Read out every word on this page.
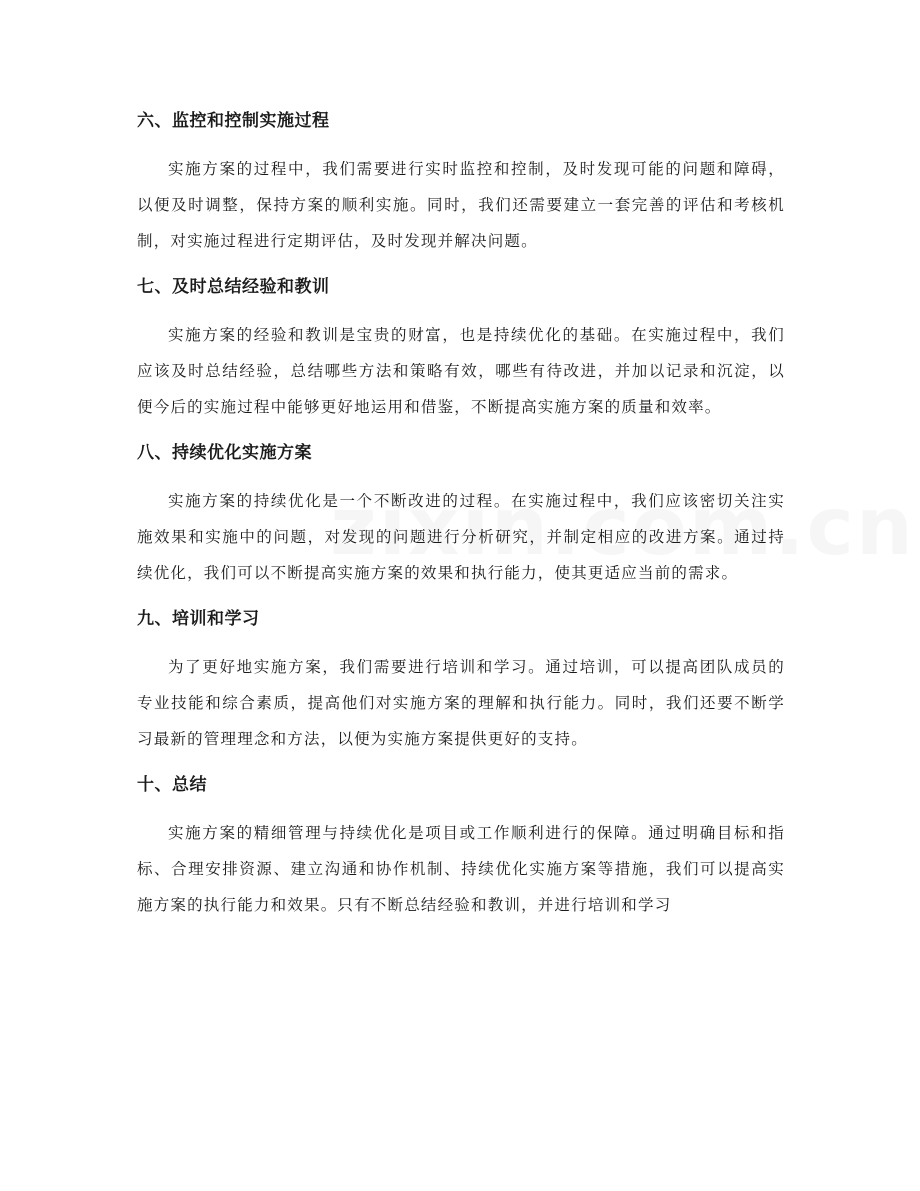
六、监控和控制实施过程

实施方案的过程中，我们需要进行实时监控和控制，及时发现可能的问题和障碍，以便及时调整，保持方案的顺利实施。同时，我们还需要建立一套完善的评估和考核机制，对实施过程进行定期评估，及时发现并解决问题。

七、及时总结经验和教训

实施方案的经验和教训是宝贵的财富，也是持续优化的基础。在实施过程中，我们应该及时总结经验，总结哪些方法和策略有效，哪些有待改进，并加以记录和沉淀，以便今后的实施过程中能够更好地运用和借鉴，不断提高实施方案的质量和效率。

八、持续优化实施方案

实施方案的持续优化是一个不断改进的过程。在实施过程中，我们应该密切关注实施效果和实施中的问题，对发现的问题进行分析研究，并制定相应的改进方案。通过持续优化，我们可以不断提高实施方案的效果和执行能力，使其更适应当前的需求。

九、培训和学习

为了更好地实施方案，我们需要进行培训和学习。通过培训，可以提高团队成员的专业技能和综合素质，提高他们对实施方案的理解和执行能力。同时，我们还要不断学习最新的管理理念和方法，以便为实施方案提供更好的支持。

十、总结

实施方案的精细管理与持续优化是项目或工作顺利进行的保障。通过明确目标和指标、合理安排资源、建立沟通和协作机制、持续优化实施方案等措施，我们可以提高实施方案的执行能力和效果。只有不断总结经验和教训，并进行培训和学习
